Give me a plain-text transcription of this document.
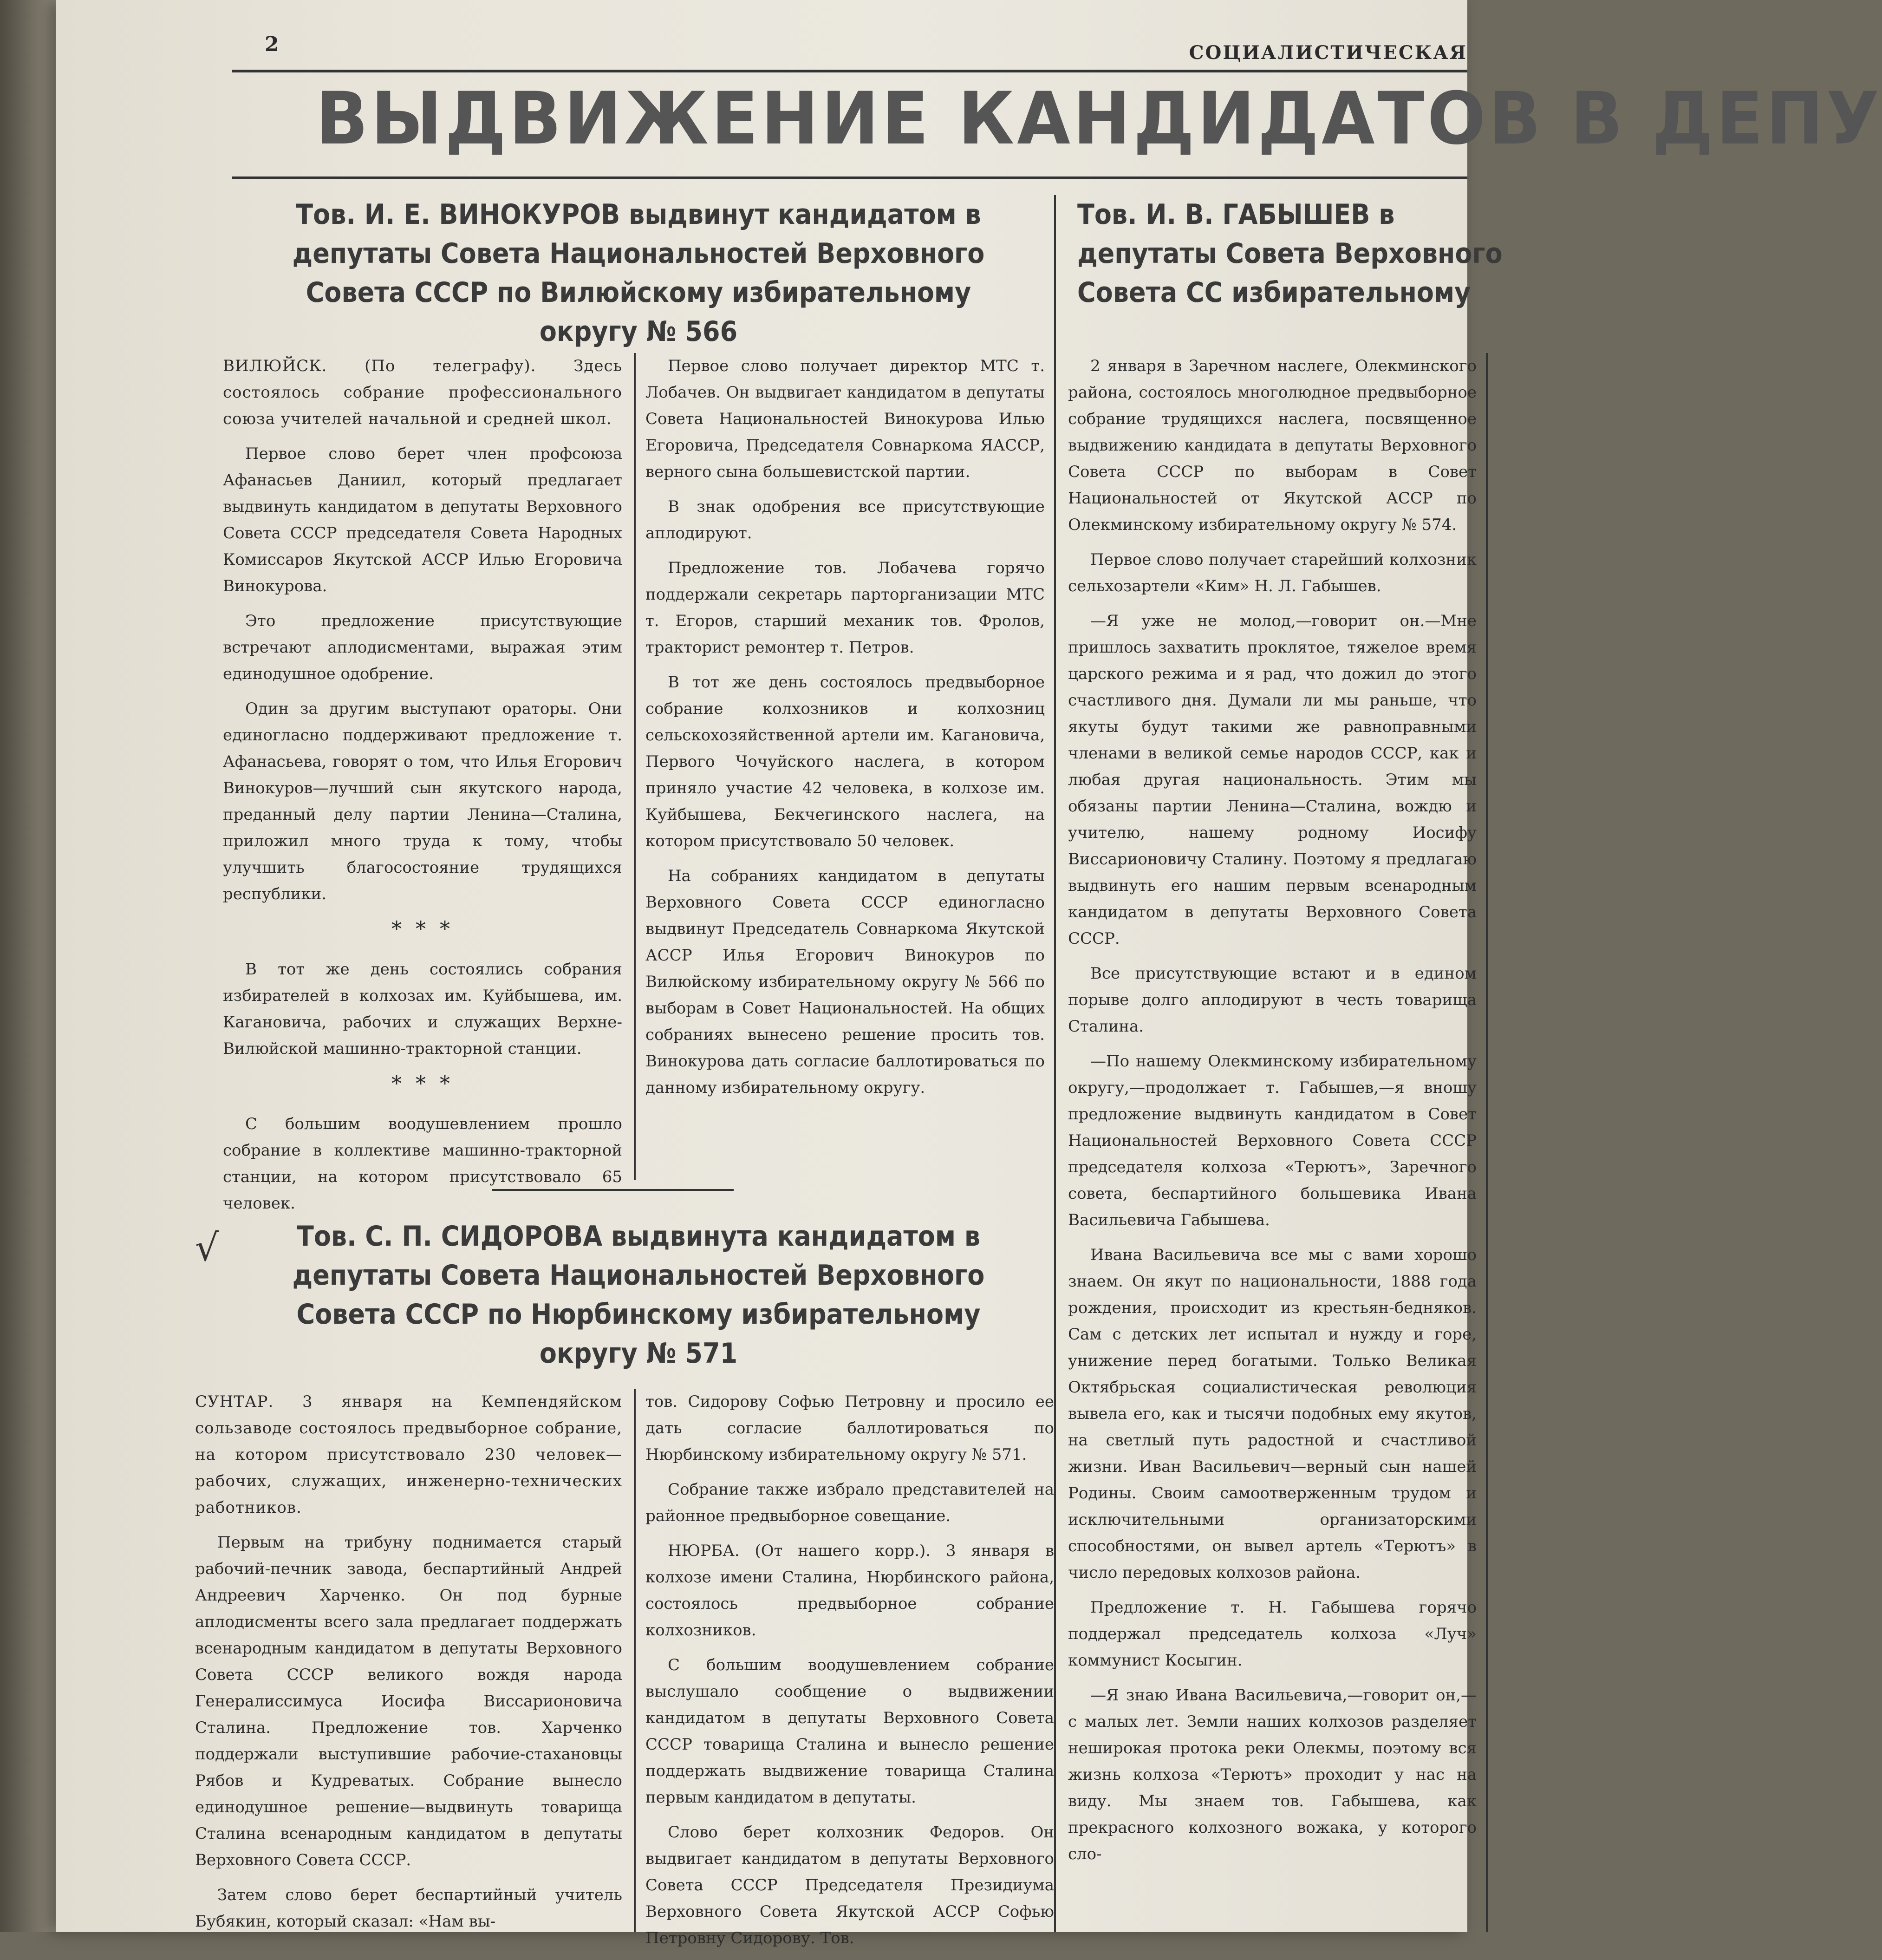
2	СОЦИАЛИСТИЧЕСКАЯ
ВЫДВИЖЕНИЕ КАНДИДАТОВ В ДЕПУ
Тов. И. Е. ВИНОКУРОВ выдвинут кандидатом в депутаты Совета Национальностей Верховного Совета СССР по Вилюйскому избирательному округу № 566

ВИЛЮЙСК. (По телеграфу). Здесь состоялось собрание профессионального союза учителей начальной и средней школ.

Первое слово берет член профсоюза Афанасьев Даниил, который предлагает выдвинуть кандидатом в депутаты Верховного Совета СССР председателя Совета Народных Комиссаров Якутской АССР Илью Егоровича Винокурова.

Это предложение присутствующие встречают аплодисментами, выражая этим единодушное одобрение.

Один за другим выступают ораторы. Они единогласно поддерживают предложение т. Афанасьева, говорят о том, что Илья Егорович Винокуров—лучший сын якутского народа, преданный делу партии Ленина—Сталина, приложил много труда к тому, чтобы улучшить благосостояние трудящихся республики.

* * *

В тот же день состоялись собрания избирателей в колхозах им. Куйбышева, им. Кагановича, рабочих и служащих Верхне-Вилюйской машинно-тракторной станции.

* * *

С большим воодушевлением прошло собрание в коллективе машинно-тракторной станции, на котором присутствовало 65 человек.

Первое слово получает директор МТС т. Лобачев. Он выдвигает кандидатом в депутаты Совета Национальностей Винокурова Илью Егоровича, Председателя Совнаркома ЯАССР, верного сына большевистской партии.

В знак одобрения все присутствующие аплодируют.

Предложение тов. Лобачева горячо поддержали секретарь парторганизации МТС т. Егоров, старший механик тов. Фролов, тракторист ремонтер т. Петров.

В тот же день состоялось предвыборное собрание колхозников и колхозниц сельскохозяйственной артели им. Кагановича, Первого Чочуйского наслега, в котором приняло участие 42 человека, в колхозе им. Куйбышева, Бекчегинского наслега, на котором присутствовало 50 человек.

На собраниях кандидатом в депутаты Верховного Совета СССР единогласно выдвинут Председатель Совнаркома Якутской АССР Илья Егорович Винокуров по Вилюйскому избирательному округу № 566 по выборам в Совет Национальностей. На общих собраниях вынесено решение просить тов. Винокурова дать согласие баллотироваться по данному избирательному округу.

√	Тов. С. П. СИДОРОВА выдвинута кандидатом в депутаты Совета Национальностей Верховного Совета СССР по Нюрбинскому избирательному округу № 571

СУНТАР. 3 января на Кемпендяйском сользаводе состоялось предвыборное собрание, на котором присутствовало 230 человек—рабочих, служащих, инженерно-технических работников.

Первым на трибуну поднимается старый рабочий-печник завода, беспартийный Андрей Андреевич Харченко. Он под бурные аплодисменты всего зала предлагает поддержать всенародным кандидатом в депутаты Верховного Совета СССР великого вождя народа Генералиссимуса Иосифа Виссарионовича Сталина. Предложение тов. Харченко поддержали выступившие рабочие-стахановцы Рябов и Кудреватых. Собрание вынесло единодушное решение—выдвинуть товарища Сталина всенародным кандидатом в депутаты Верховного Совета СССР.

Затем слово берет беспартийный учитель Бубякин, который сказал: «Нам вы-

тов. Сидорову Софью Петровну и просило ее дать согласие баллотироваться по Нюрбинскому избирательному округу № 571.

Собрание также избрало представителей на районное предвыборное совещание.

НЮРБА. (От нашего корр.). 3 января в колхозе имени Сталина, Нюрбинского района, состоялось предвыборное собрание колхозников.

С большим воодушевлением собрание выслушало сообщение о выдвижении кандидатом в депутаты Верховного Совета СССР товарища Сталина и вынесло решение поддержать выдвижение товарища Сталина первым кандидатом в депутаты.

Слово берет колхозник Федоров. Он выдвигает кандидатом в депутаты Верховного Совета СССР Председателя Президиума Верховного Совета Якутской АССР Софью Петровну Сидорову. Тов.

Тов. И. В. ГАБЫШЕВ в депутаты Совета Верховного Совета СС избирательному

2 января в Заречном наслеге, Олекминского района, состоялось многолюдное предвыборное собрание трудящихся наслега, посвященное выдвижению кандидата в депутаты Верховного Совета СССР по выборам в Совет Национальностей от Якутской АССР по Олекминскому избирательному округу № 574.

Первое слово получает старейший колхозник сельхозартели «Ким» Н. Л. Габышев.

—Я уже не молод,—говорит он.—Мне пришлось захватить проклятое, тяжелое время царского режима и я рад, что дожил до этого счастливого дня. Думали ли мы раньше, что якуты будут такими же равноправными членами в великой семье народов СССР, как и любая другая национальность. Этим мы обязаны партии Ленина—Сталина, вождю и учителю, нашему родному Иосифу Виссарионовичу Сталину. Поэтому я предлагаю выдвинуть его нашим первым всенародным кандидатом в депутаты Верховного Совета СССР.

Все присутствующие встают и в едином порыве долго аплодируют в честь товарища Сталина.

—По нашему Олекминскому избирательному округу,—продолжает т. Габышев,—я вношу предложение выдвинуть кандидатом в Совет Национальностей Верховного Совета СССР председателя колхоза «Терютъ», Заречного совета, беспартийного большевика Ивана Васильевича Габышева.

Ивана Васильевича все мы с вами хорошо знаем. Он якут по национальности, 1888 года рождения, происходит из крестьян-бедняков. Сам с детских лет испытал и нужду и горе, унижение перед богатыми. Только Великая Октябрьская социалистическая революция вывела его, как и тысячи подобных ему якутов, на светлый путь радостной и счастливой жизни. Иван Васильевич—верный сын нашей Родины. Своим самоотверженным трудом и исключительными организаторскими способностями, он вывел артель «Терютъ» в число передовых колхозов района.

Предложение т. Н. Габышева горячо поддержал председатель колхоза «Луч» коммунист Косыгин.

—Я знаю Ивана Васильевича,—говорит он,—с малых лет. Земли наших колхозов разделяет неширокая протока реки Олекмы, поэтому вся жизнь колхоза «Терютъ» проходит у нас на виду. Мы знаем тов. Габышева, как прекрасного колхозного вожака, у которого сло-
